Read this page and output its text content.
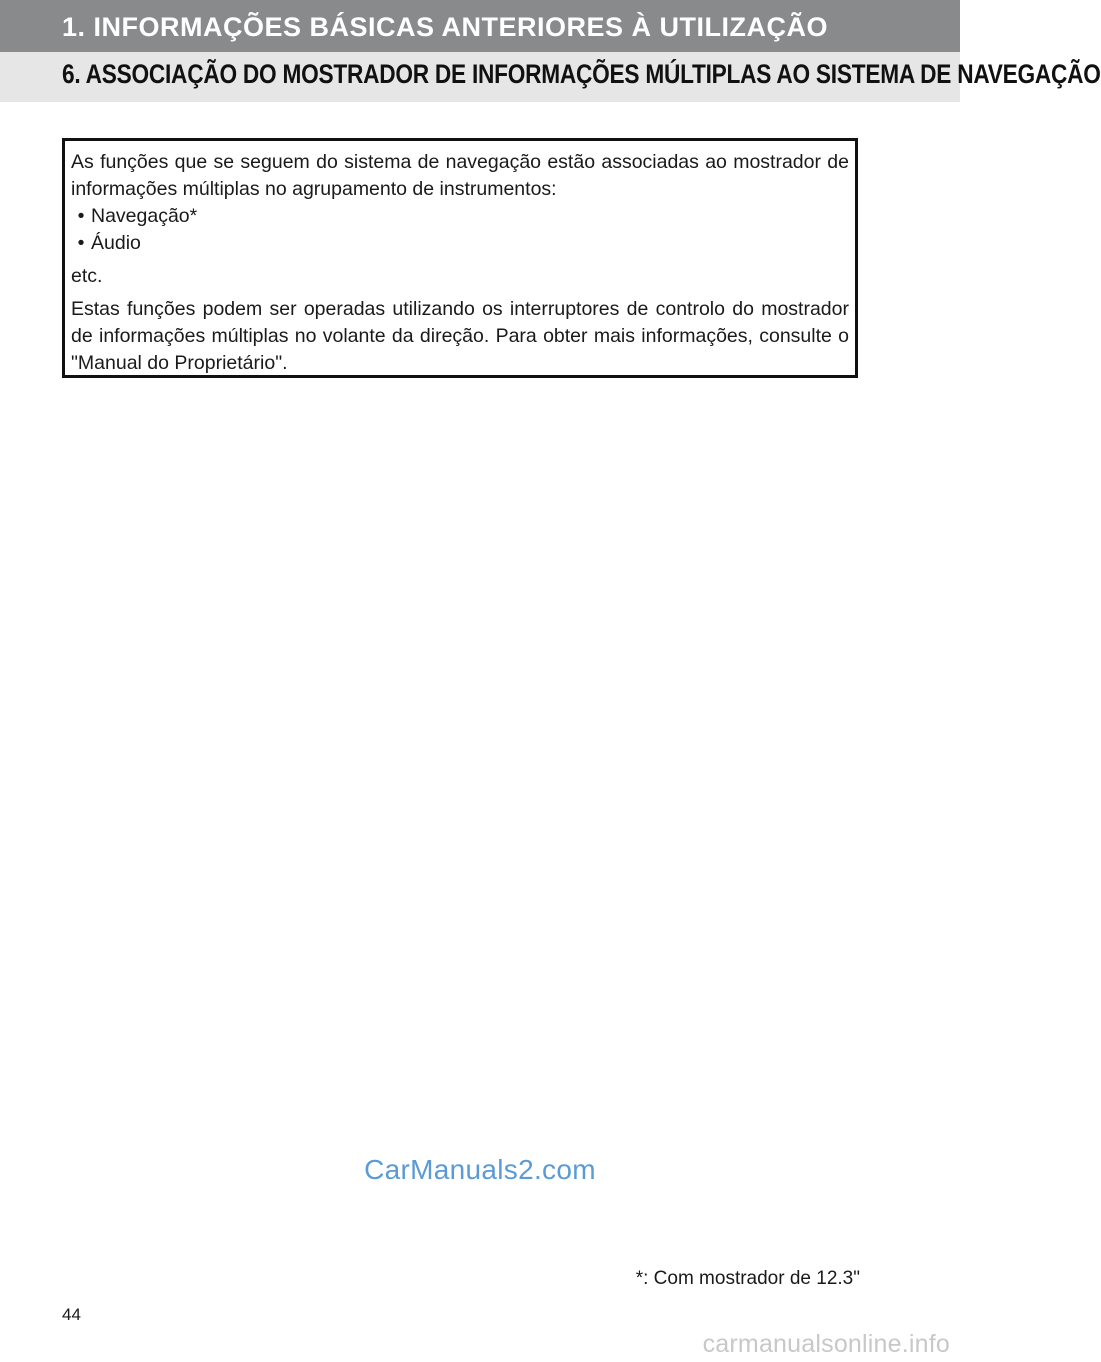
1. INFORMAÇÕES BÁSICAS ANTERIORES À UTILIZAÇÃO
6. ASSOCIAÇÃO DO MOSTRADOR DE INFORMAÇÕES MÚLTIPLAS AO SISTEMA DE NAVEGAÇÃO

As funções que se seguem do sistema de navegação estão associadas ao mostrador de informações múltiplas no agrupamento de instrumentos:

• Navegação*
• Áudio

etc.

Estas funções podem ser operadas utilizando os interruptores de controlo do mostrador de informações múltiplas no volante da direção. Para obter mais informações, consulte o "Manual do Proprietário".

CarManuals2.com
*: Com mostrador de 12.3"
44
carmanualsonline.info
